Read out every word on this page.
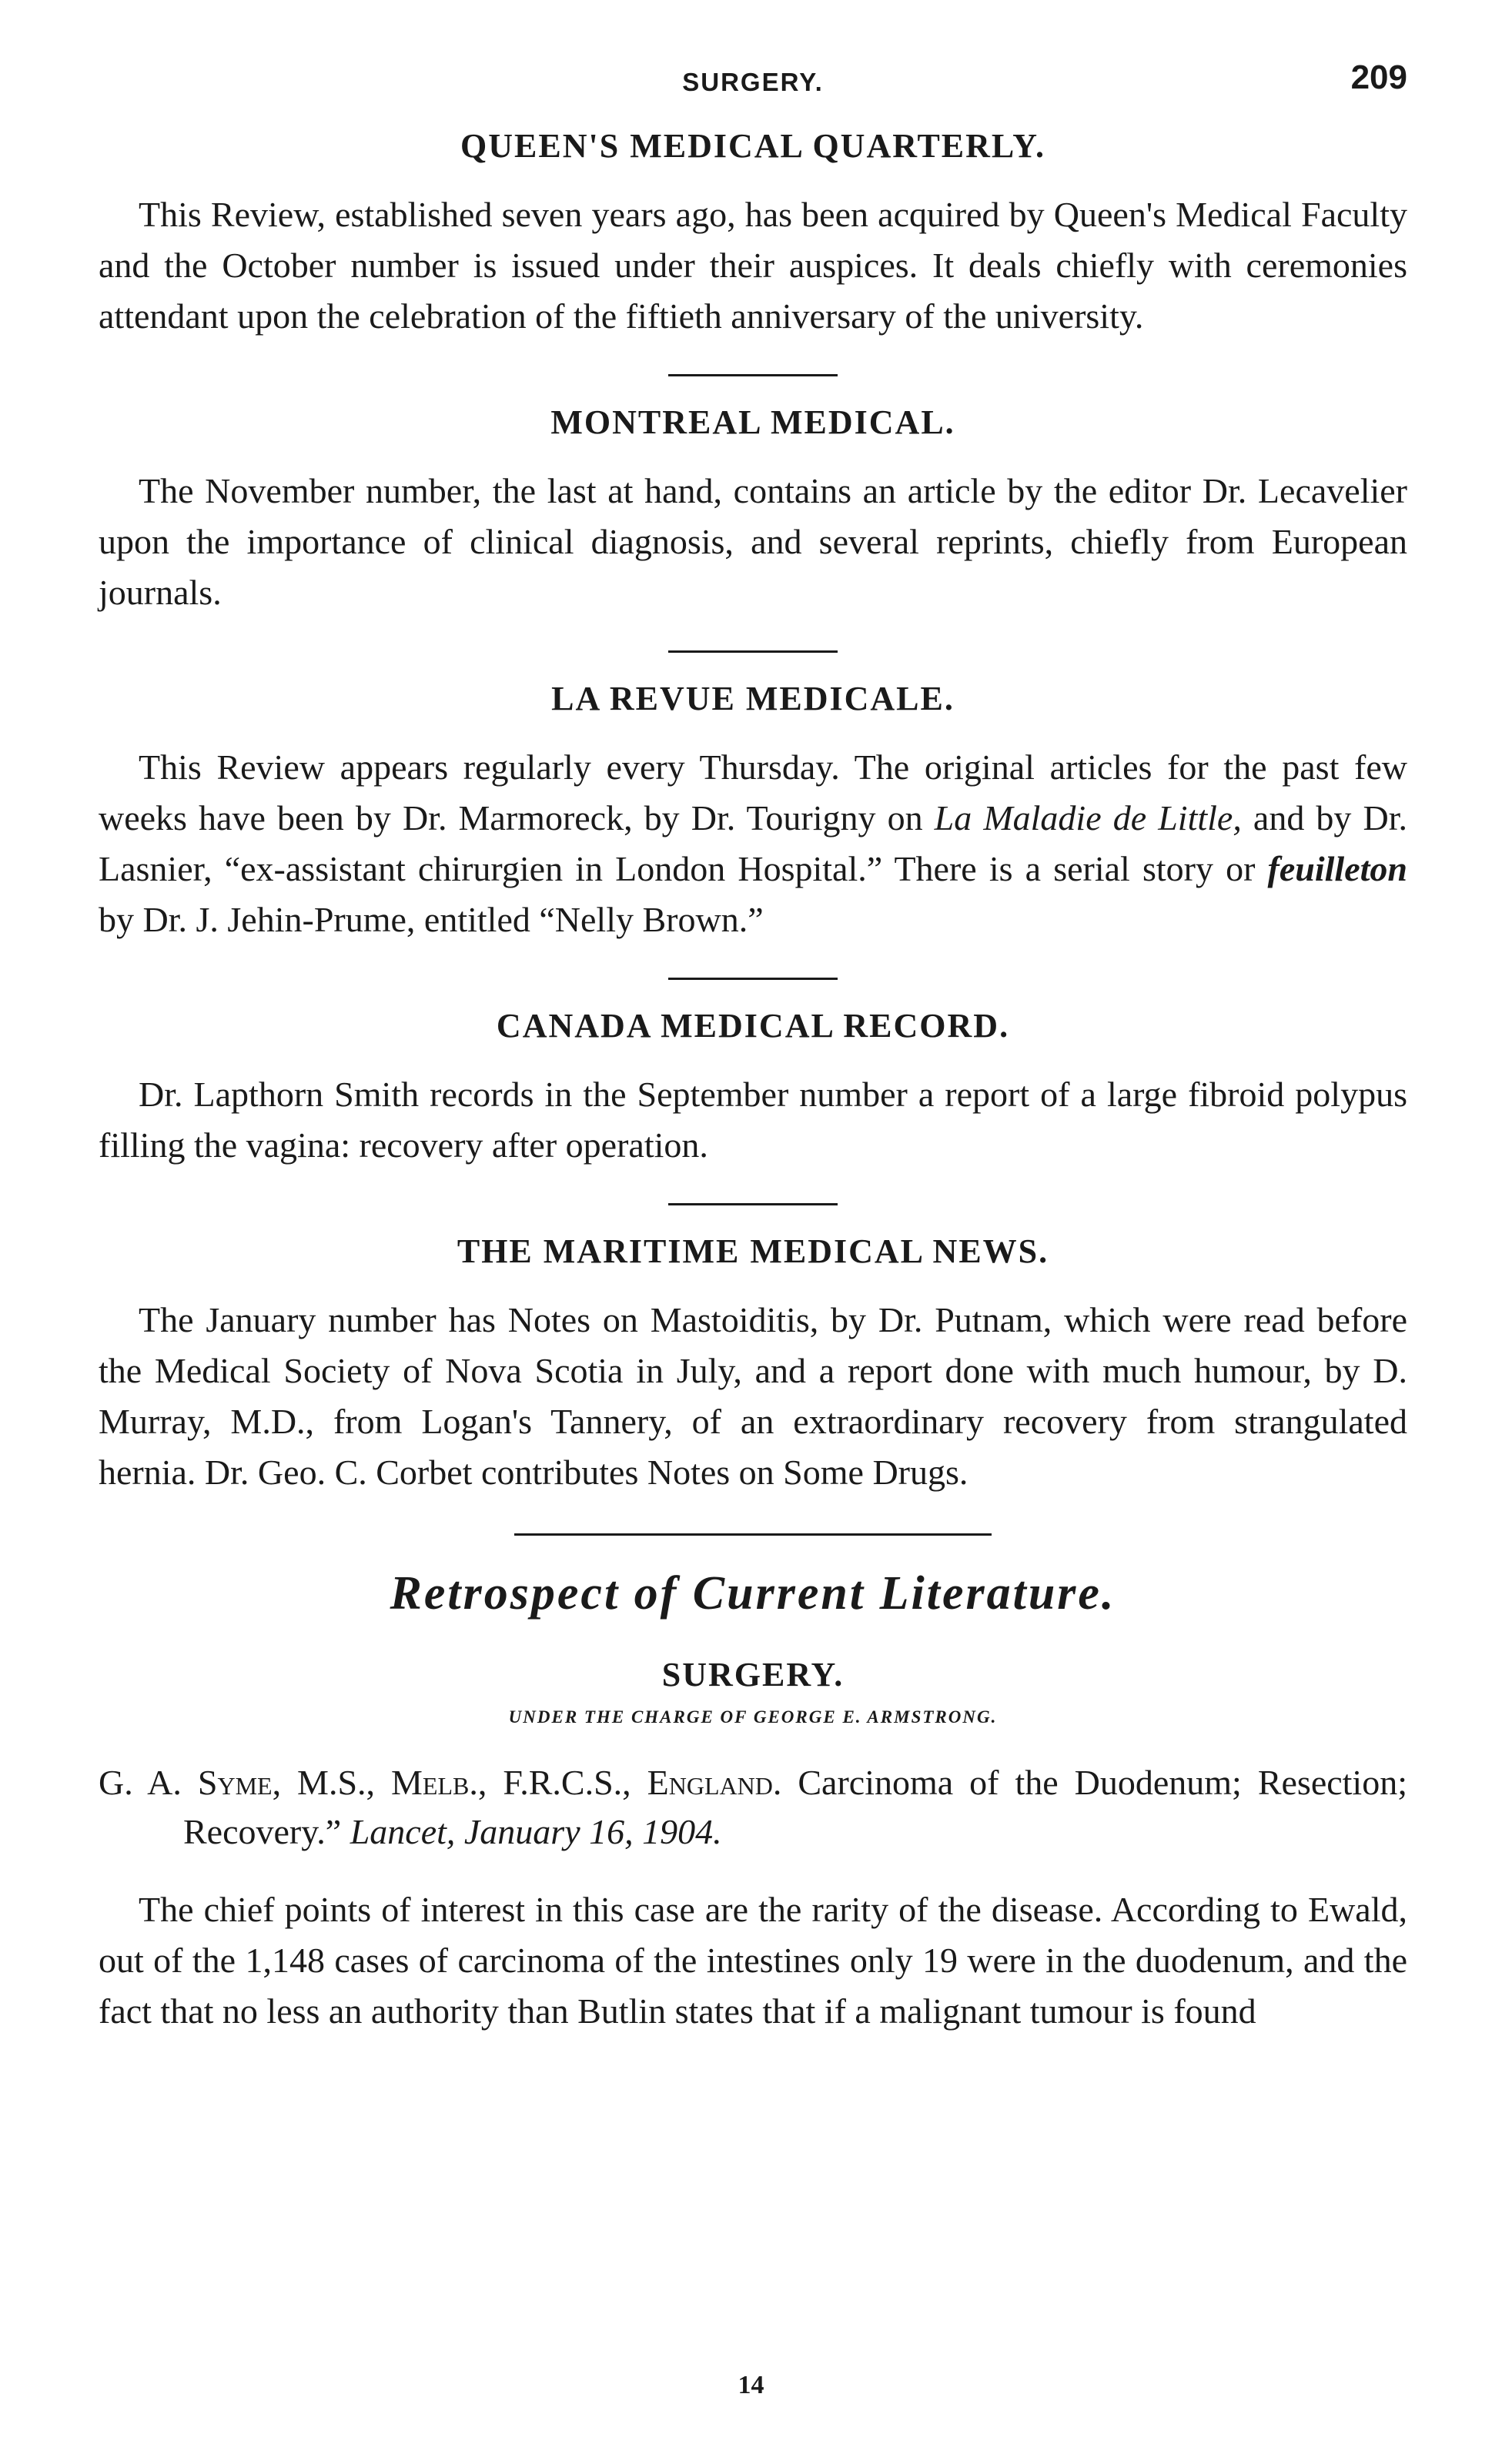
SURGERY.	209
QUEEN'S MEDICAL QUARTERLY.

This Review, established seven years ago, has been acquired by Queen's Medical Faculty and the October number is issued under their auspices. It deals chiefly with ceremonies attendant upon the celebration of the fiftieth anniversary of the university.

MONTREAL MEDICAL.

The November number, the last at hand, contains an article by the editor Dr. Lecavelier upon the importance of clinical diagnosis, and several reprints, chiefly from European journals.

LA REVUE MEDICALE.

This Review appears regularly every Thursday. The original articles for the past few weeks have been by Dr. Marmoreck, by Dr. Tourigny on La Maladie de Little, and by Dr. Lasnier, “ex-assistant chirurgien in London Hospital.” There is a serial story or feuilleton by Dr. J. Jehin-Prume, entitled “Nelly Brown.”

CANADA MEDICAL RECORD.

Dr. Lapthorn Smith records in the September number a report of a large fibroid polypus filling the vagina: recovery after operation.

THE MARITIME MEDICAL NEWS.

The January number has Notes on Mastoiditis, by Dr. Putnam, which were read before the Medical Society of Nova Scotia in July, and a report done with much humour, by D. Murray, M.D., from Logan's Tannery, of an extraordinary recovery from strangulated hernia. Dr. Geo. C. Corbet contributes Notes on Some Drugs.

Retrospect of Current Literature.
SURGERY.
UNDER THE CHARGE OF GEORGE E. ARMSTRONG.

G. A. Syme, M.S., Melb., F.R.C.S., England. Carcinoma of the Duodenum; Resection; Recovery.” Lancet, January 16, 1904.

The chief points of interest in this case are the rarity of the disease. According to Ewald, out of the 1,148 cases of carcinoma of the intestines only 19 were in the duodenum, and the fact that no less an authority than Butlin states that if a malignant tumour is found

14
